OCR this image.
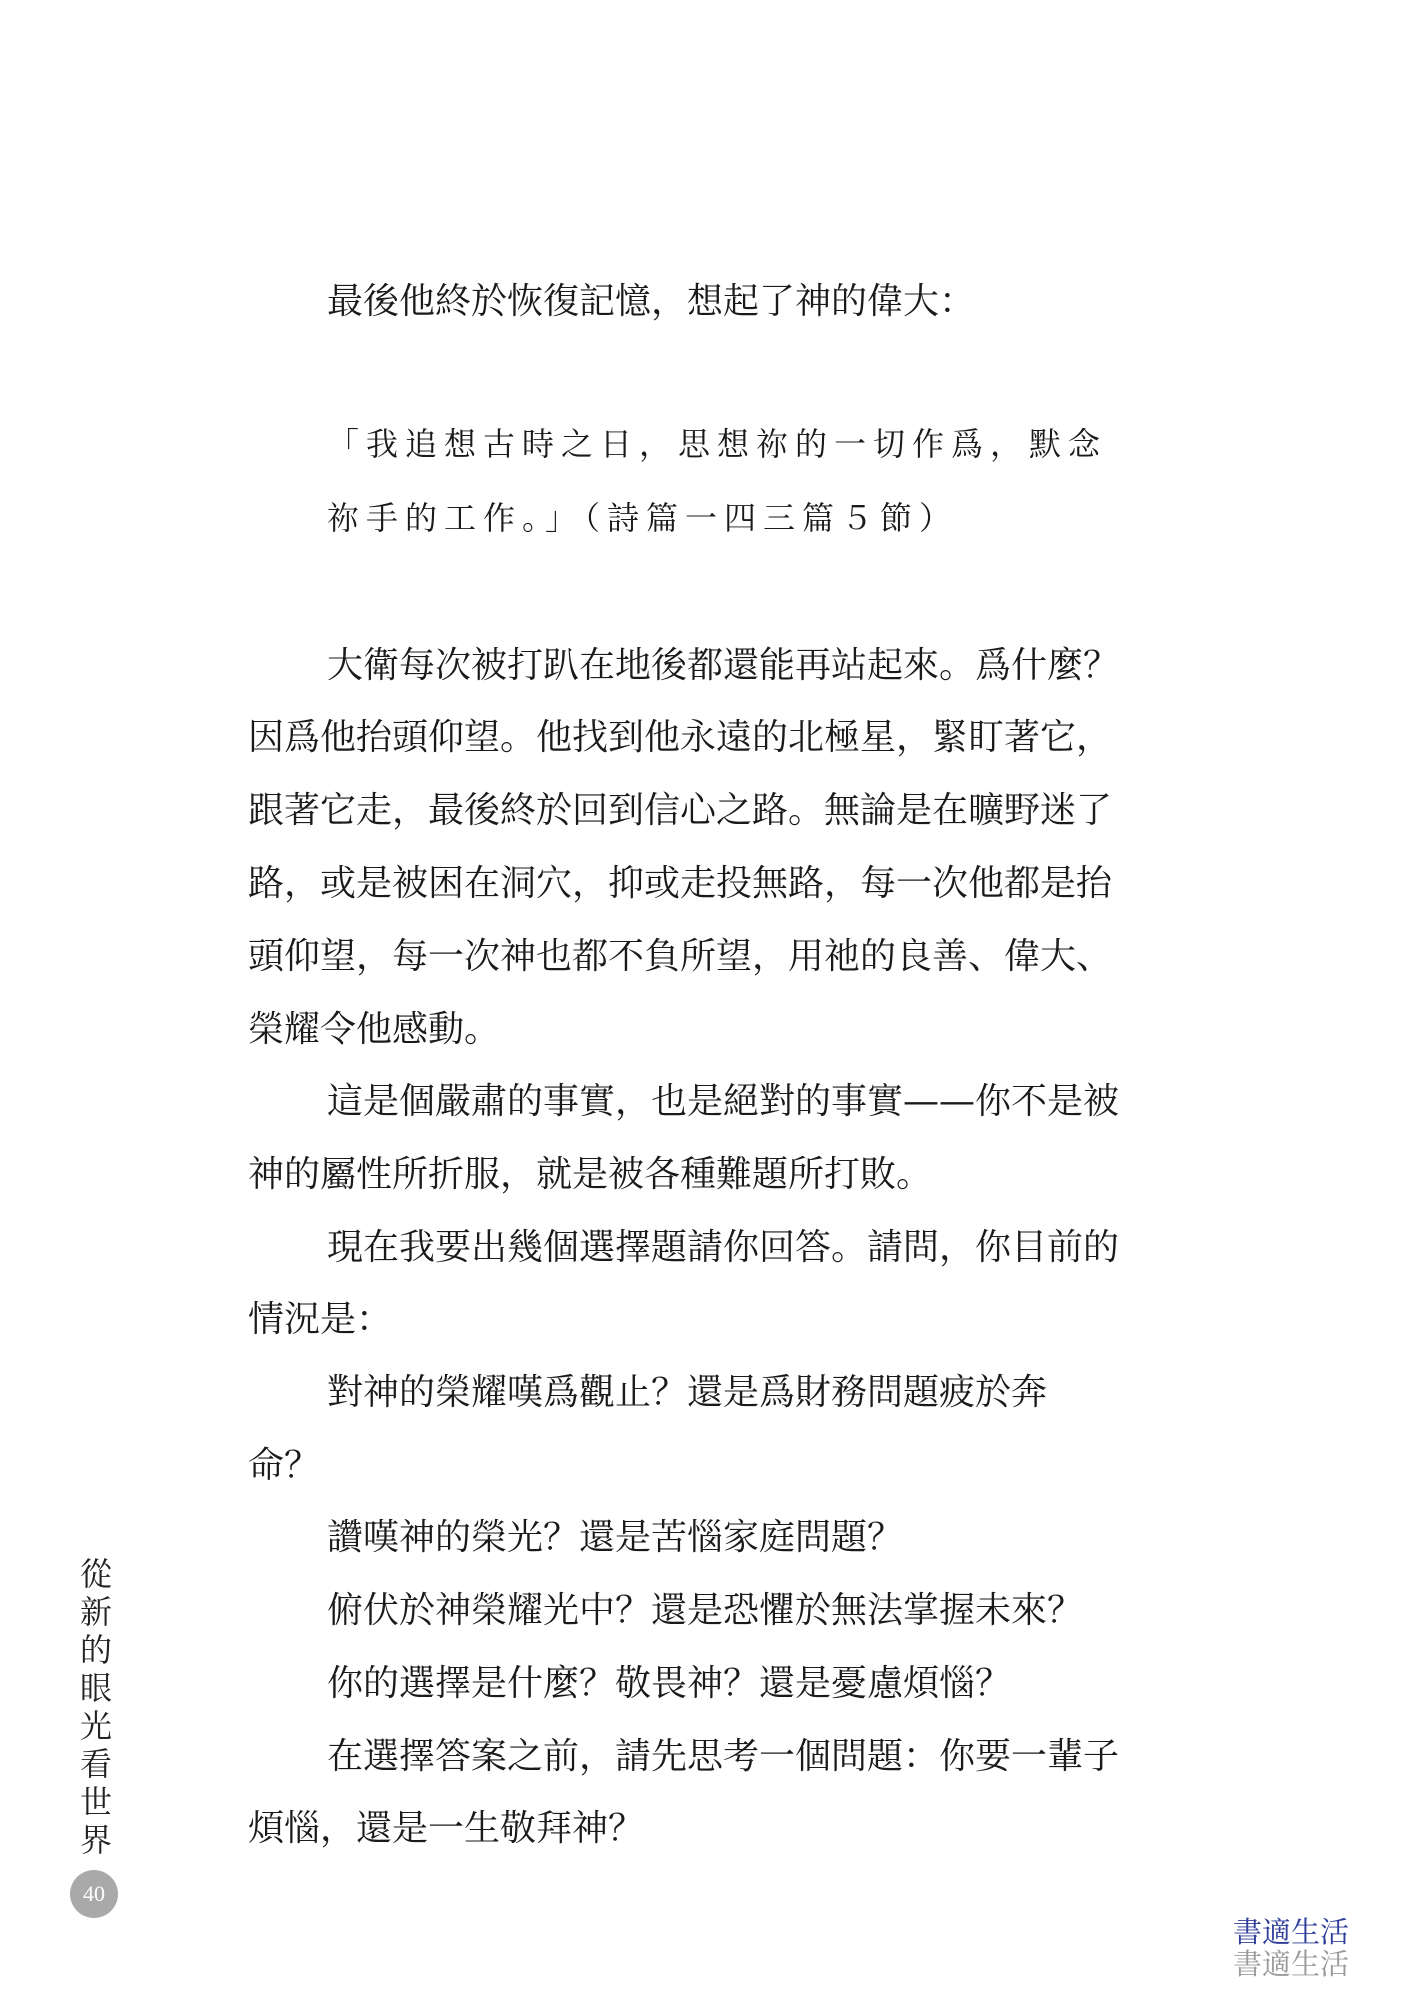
最後他終於恢復記憶，想起了神的偉大：

「我追想古時之日，思想祢的一切作爲，默念

祢手的工作。」（詩篇一四三篇５節）

大衛每次被打趴在地後都還能再站起來。爲什麼？

因爲他抬頭仰望。他找到他永遠的北極星，緊盯著它，

跟著它走，最後終於回到信心之路。無論是在曠野迷了

路，或是被困在洞穴，抑或走投無路，每一次他都是抬

頭仰望，每一次神也都不負所望，用祂的良善、偉大、

榮耀令他感動。

這是個嚴肅的事實，也是絕對的事實——你不是被

神的屬性所折服，就是被各種難題所打敗。

現在我要出幾個選擇題請你回答。請問，你目前的

情況是：

對神的榮耀嘆爲觀止？還是爲財務問題疲於奔

命？

讚嘆神的榮光？還是苦惱家庭問題？

俯伏於神榮耀光中？還是恐懼於無法掌握未來？

你的選擇是什麼？敬畏神？還是憂慮煩惱？

在選擇答案之前，請先思考一個問題：你要一輩子

煩惱，還是一生敬拜神？

從
新
的
眼
光
看
世
界
40
書適生活
書適生活
